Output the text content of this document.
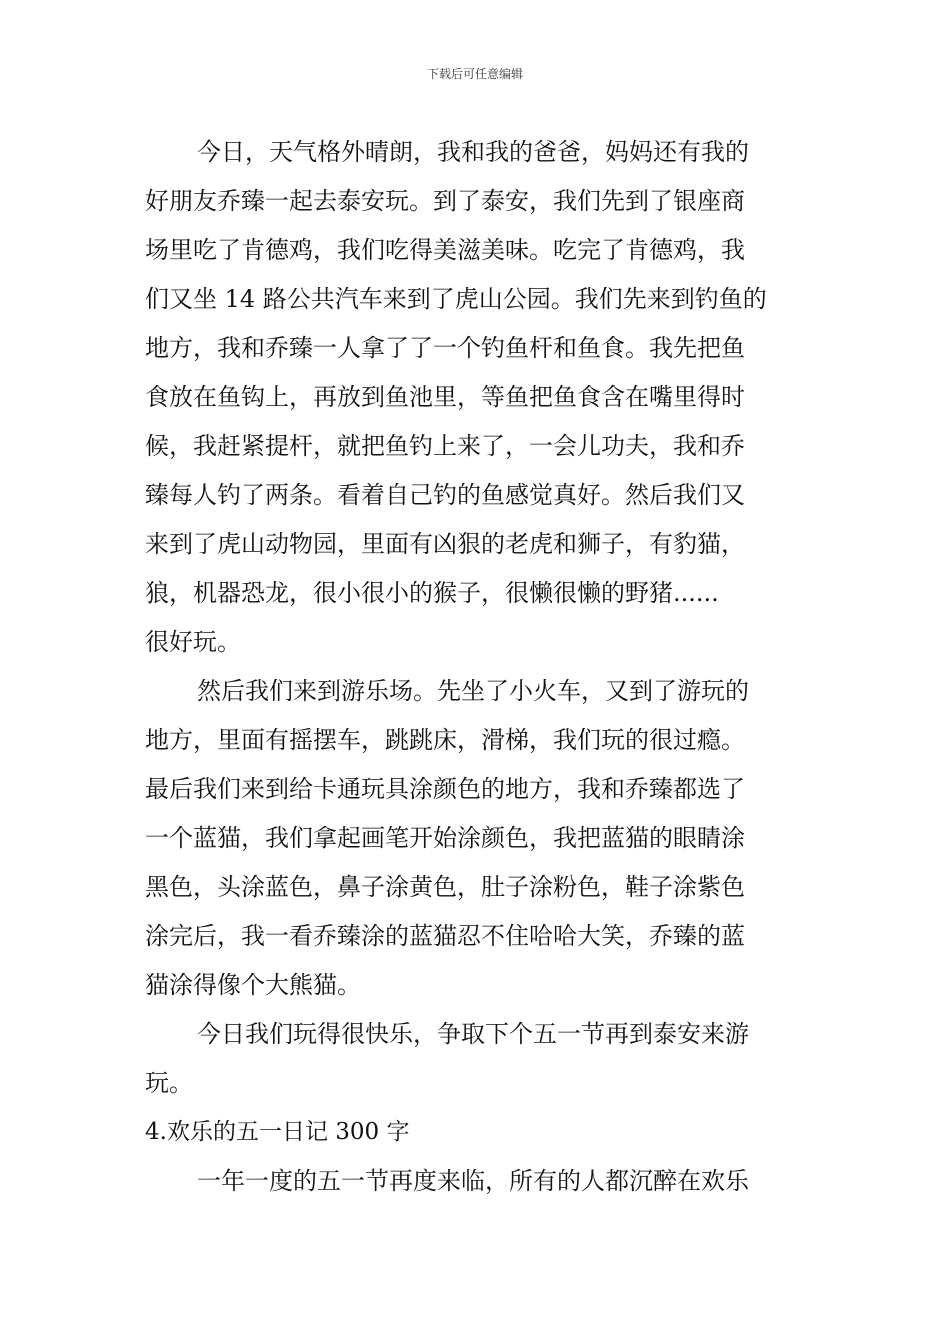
下载后可任意编辑
今日，天气格外晴朗，我和我的爸爸，妈妈还有我的
好朋友乔臻一起去泰安玩。到了泰安，我们先到了银座商
场里吃了肯德鸡，我们吃得美滋美味。吃完了肯德鸡，我
们又坐 14 路公共汽车来到了虎山公园。我们先来到钓鱼的
地方，我和乔臻一人拿了了一个钓鱼杆和鱼食。我先把鱼
食放在鱼钩上，再放到鱼池里，等鱼把鱼食含在嘴里得时
候，我赶紧提杆，就把鱼钓上来了，一会儿功夫，我和乔
臻每人钓了两条。看着自己钓的鱼感觉真好。然后我们又
来到了虎山动物园，里面有凶狠的老虎和狮子，有豹猫，
狼，机器恐龙，很小很小的猴子，很懒很懒的野猪......
很好玩。
然后我们来到游乐场。先坐了小火车，又到了游玩的
地方，里面有摇摆车，跳跳床，滑梯，我们玩的很过瘾。
最后我们来到给卡通玩具涂颜色的地方，我和乔臻都选了
一个蓝猫，我们拿起画笔开始涂颜色，我把蓝猫的眼睛涂
黑色，头涂蓝色，鼻子涂黄色，肚子涂粉色，鞋子涂紫色
涂完后，我一看乔臻涂的蓝猫忍不住哈哈大笑，乔臻的蓝
猫涂得像个大熊猫。
今日我们玩得很快乐，争取下个五一节再到泰安来游
玩。
4.欢乐的五一日记 300 字
一年一度的五一节再度来临，所有的人都沉醉在欢乐
